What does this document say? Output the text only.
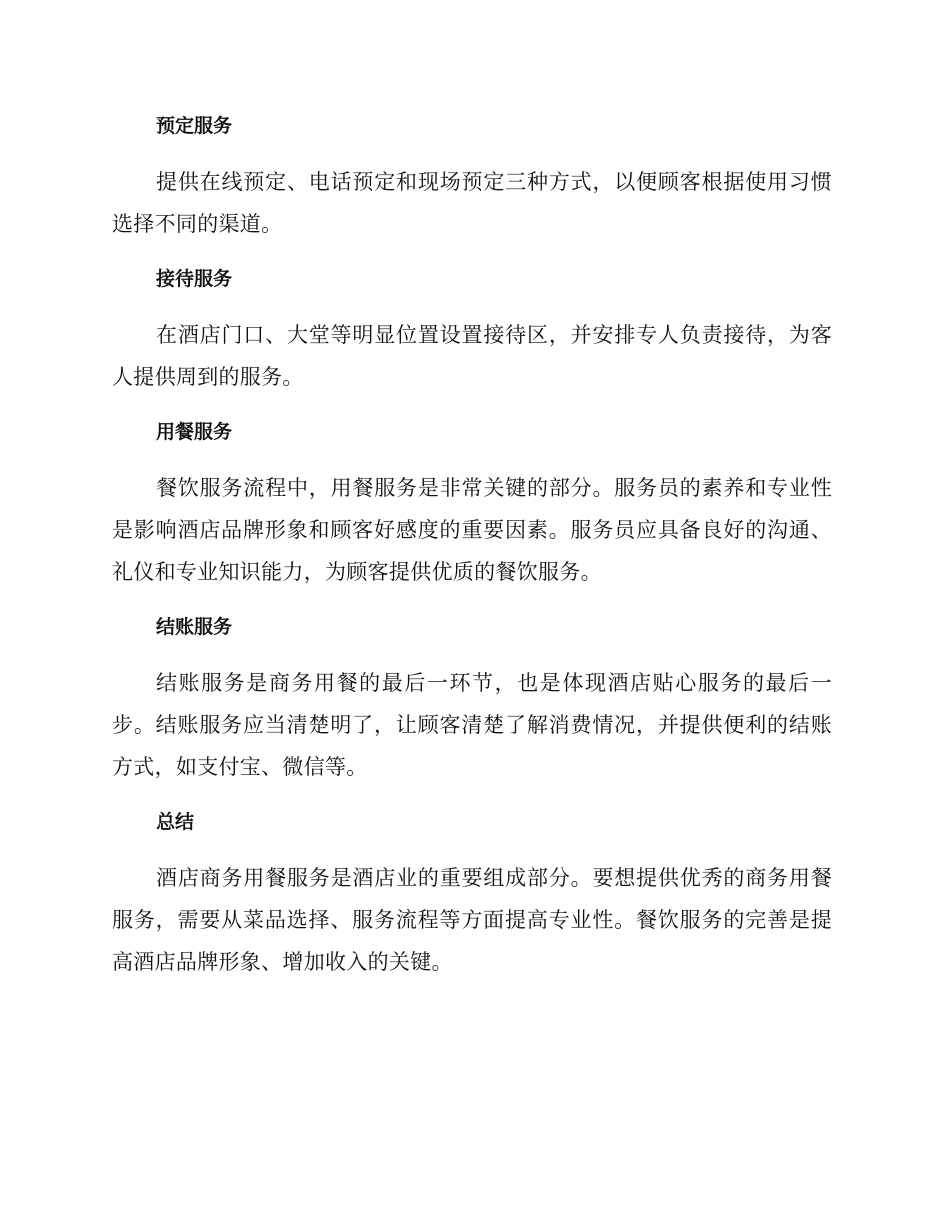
预定服务

提供在线预定、电话预定和现场预定三种方式，以便顾客根据使用习惯选择不同的渠道。

接待服务

在酒店门口、大堂等明显位置设置接待区，并安排专人负责接待，为客人提供周到的服务。

用餐服务

餐饮服务流程中，用餐服务是非常关键的部分。服务员的素养和专业性是影响酒店品牌形象和顾客好感度的重要因素。服务员应具备良好的沟通、礼仪和专业知识能力，为顾客提供优质的餐饮服务。

结账服务

结账服务是商务用餐的最后一环节，也是体现酒店贴心服务的最后一步。结账服务应当清楚明了，让顾客清楚了解消费情况，并提供便利的结账方式，如支付宝、微信等。

总结

酒店商务用餐服务是酒店业的重要组成部分。要想提供优秀的商务用餐服务，需要从菜品选择、服务流程等方面提高专业性。餐饮服务的完善是提高酒店品牌形象、增加收入的关键。
